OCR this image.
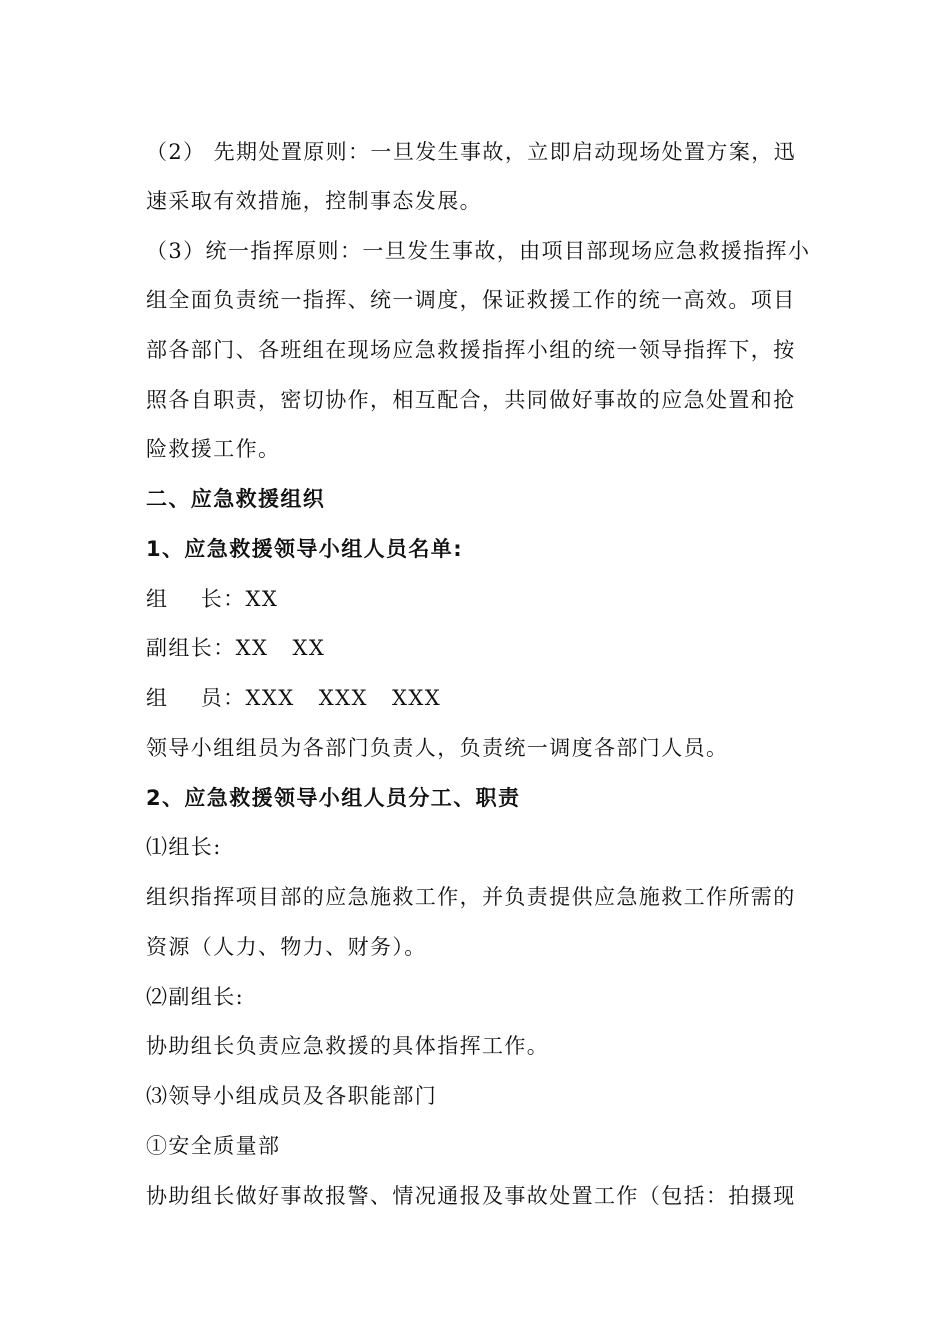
（2） 先期处置原则：一旦发生事故，立即启动现场处置方案，迅
速采取有效措施，控制事态发展。
（3）统一指挥原则：一旦发生事故，由项目部现场应急救援指挥小
组全面负责统一指挥、统一调度，保证救援工作的统一高效。项目
部各部门、各班组在现场应急救援指挥小组的统一领导指挥下，按
照各自职责，密切协作，相互配合，共同做好事故的应急处置和抢
险救援工作。
二、应急救援组织
1、应急救援领导小组人员名单:
组    长：XX
副组长：XX   XX
组    员：XXX   XXX   XXX
领导小组组员为各部门负责人，负责统一调度各部门人员。
2、应急救援领导小组人员分工、职责
⑴组长:
组织指挥项目部的应急施救工作，并负责提供应急施救工作所需的
资源（人力、物力、财务）。
⑵副组长:
协助组长负责应急救援的具体指挥工作。
⑶领导小组成员及各职能部门
①安全质量部
协助组长做好事故报警、情况通报及事故处置工作（包括：拍摄现
